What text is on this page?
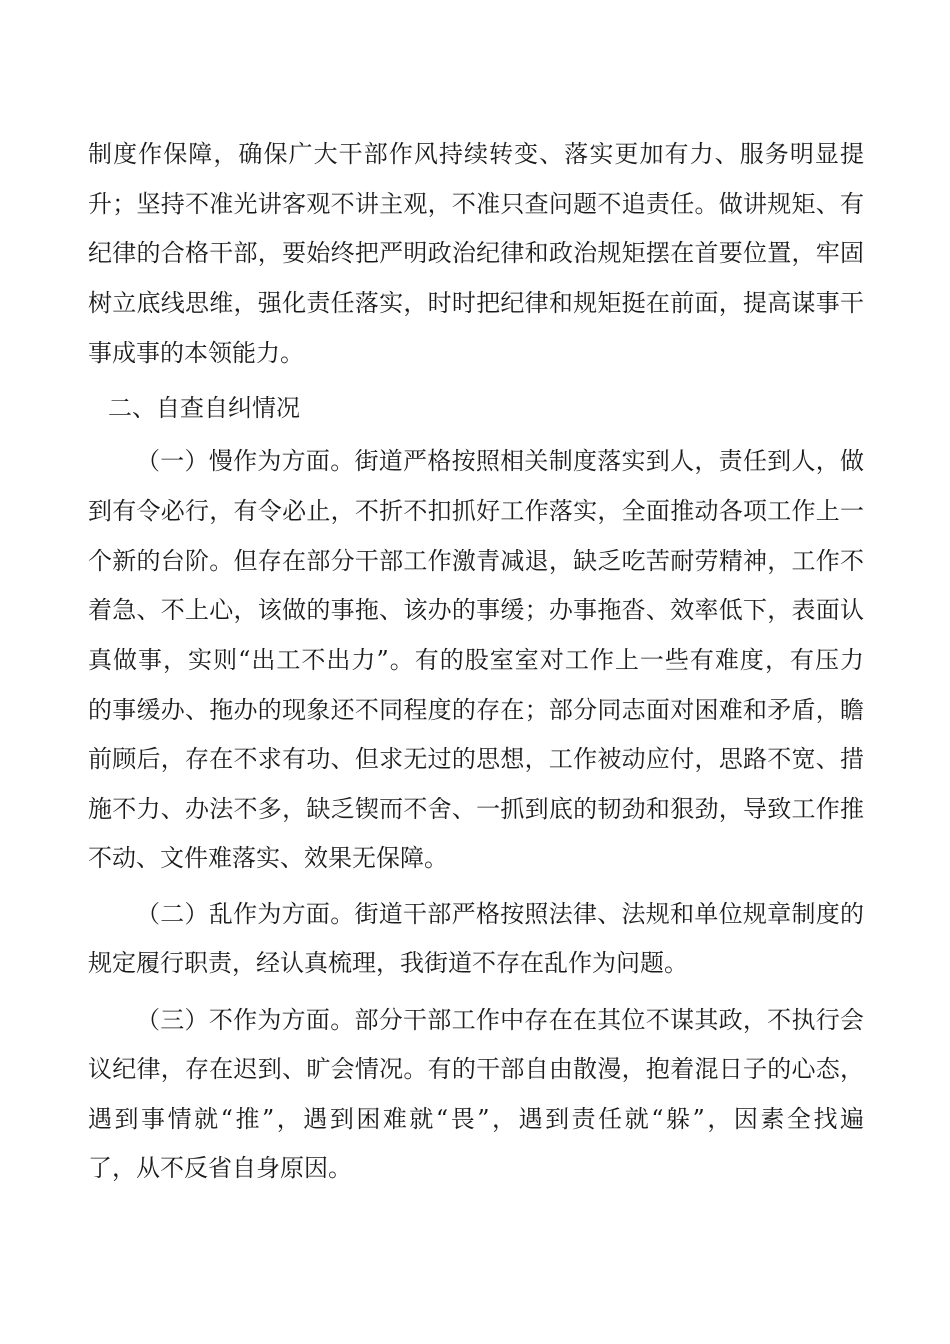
制度作保障，确保广大干部作风持续转变、落实更加有力、服务明显提
升；坚持不准光讲客观不讲主观，不准只查问题不追责任。做讲规矩、有
纪律的合格干部，要始终把严明政治纪律和政治规矩摆在首要位置，牢固
树立底线思维，强化责任落实，时时把纪律和规矩挺在前面，提高谋事干
事成事的本领能力。
二、自查自纠情况
（一）慢作为方面。街道严格按照相关制度落实到人，责任到人，做
到有令必行，有令必止，不折不扣抓好工作落实，全面推动各项工作上一
个新的台阶。但存在部分干部工作激青减退，缺乏吃苦耐劳精神，工作不
着急、不上心，该做的事拖、该办的事缓；办事拖沓、效率低下，表面认
真做事，实则“出工不出力”。有的股室室对工作上一些有难度，有压力
的事缓办、拖办的现象还不同程度的存在；部分同志面对困难和矛盾，瞻
前顾后，存在不求有功、但求无过的思想，工作被动应付，思路不宽、措
施不力、办法不多，缺乏锲而不舍、一抓到底的韧劲和狠劲，导致工作推
不动、文件难落实、效果无保障。
（二）乱作为方面。街道干部严格按照法律、法规和单位规章制度的
规定履行职责，经认真梳理，我街道不存在乱作为问题。
（三）不作为方面。部分干部工作中存在在其位不谋其政，不执行会
议纪律，存在迟到、旷会情况。有的干部自由散漫，抱着混日子的心态，
遇到事情就“推”，遇到困难就“畏”，遇到责任就“躲”，因素全找遍
了，从不反省自身原因。
